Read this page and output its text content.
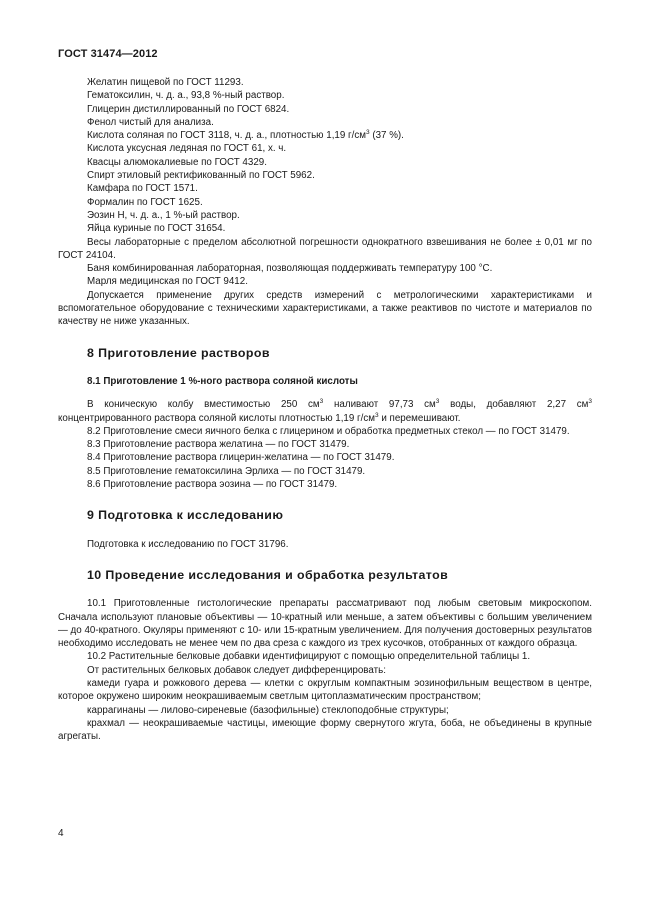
ГОСТ 31474—2012

Желатин пищевой по ГОСТ 11293.

Гематоксилин, ч. д. а., 93,8 %-ный раствор.

Глицерин дистиллированный по ГОСТ 6824.

Фенол чистый для анализа.

Кислота соляная по ГОСТ 3118, ч. д. а., плотностью 1,19 $г/см^3$ (37 %).

Кислота уксусная ледяная по ГОСТ 61, х. ч.

Квасцы алюмокалиевые по ГОСТ 4329.

Спирт этиловый ректификованный по ГОСТ 5962.

Камфара по ГОСТ 1571.

Формалин по ГОСТ 1625.

Эозин Н, ч. д. а., 1 %-ый раствор.

Яйца куриные по ГОСТ 31654.

Весы лабораторные с пределом абсолютной погрешности однократного взвешивания не более ± 0,01 мг по ГОСТ 24104.

Баня комбинированная лабораторная, позволяющая поддерживать температуру 100 °С.

Марля медицинская по ГОСТ 9412.

Допускается применение других средств измерений с метрологическими характеристиками и вспомогательное оборудование с техническими характеристиками, а также реактивов по чистоте и материалов по качеству не ниже указанных.

8 Приготовление растворов
8.1 Приготовление 1 %-ного раствора соляной кислоты

В коническую колбу вместимостью 250 $см^3$ наливают 97,73 $см^3$ воды, добавляют 2,27 $см^3$ концентрированного раствора соляной кислоты плотностью 1,19 $г/см^3$ и перемешивают.

8.2 Приготовление смеси яичного белка с глицерином и обработка предметных стекол — по ГОСТ 31479.

8.3 Приготовление раствора желатина — по ГОСТ 31479.

8.4 Приготовление раствора глицерин-желатина — по ГОСТ 31479.

8.5 Приготовление гематоксилина Эрлиха — по ГОСТ 31479.

8.6 Приготовление раствора эозина — по ГОСТ 31479.

9 Подготовка к исследованию

Подготовка к исследованию по ГОСТ 31796.

10 Проведение исследования и обработка результатов

10.1 Приготовленные гистологические препараты рассматривают под любым световым микроскопом. Сначала используют плановые объективы — 10-кратный или меньше, а затем объективы с большим увеличением — до 40-кратного. Окуляры применяют с 10- или 15-кратным увеличением. Для получения достоверных результатов необходимо исследовать не менее чем по два среза с каждого из трех кусочков, отобранных от каждого образца.

10.2 Растительные белковые добавки идентифицируют с помощью определительной таблицы 1.

От растительных белковых добавок следует дифференцировать:

камеди гуара и рожкового дерева — клетки с округлым компактным эозинофильным веществом в центре, которое окружено широким неокрашиваемым светлым цитоплазматическим пространством;

каррагинаны — лилово-сиреневые (базофильные) стеклоподобные структуры;

крахмал — неокрашиваемые частицы, имеющие форму свернутого жгута, боба, не объединены в крупные агрегаты.

4
